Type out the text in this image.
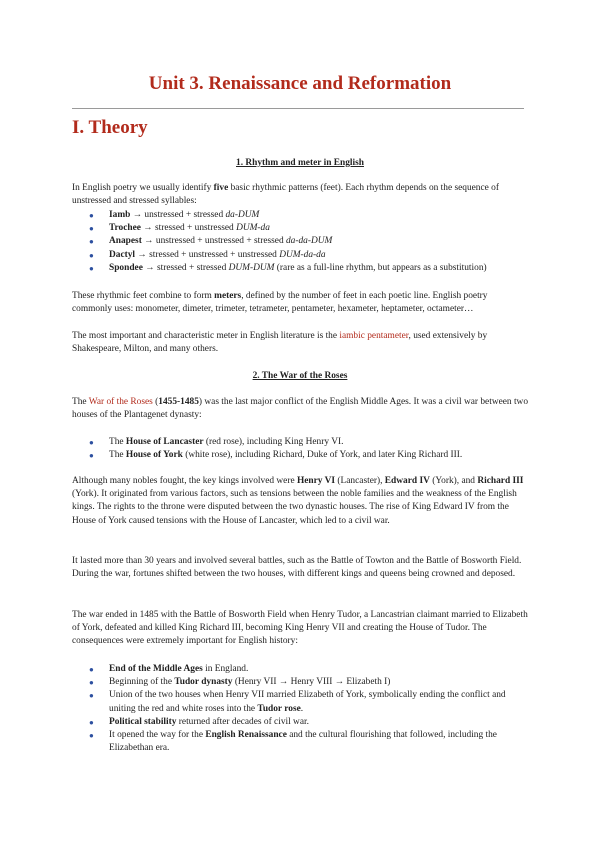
Unit 3. Renaissance and Reformation
I. Theory

1. Rhythm and meter in English

In English poetry we usually identify five basic rhythmic patterns (feet). Each rhythm depends on the sequence of unstressed and stressed syllables:

● Iamb → unstressed + stressed da-DUM
● Trochee → stressed + unstressed DUM-da
● Anapest → unstressed + unstressed + stressed da-da-DUM
● Dactyl → stressed + unstressed + unstressed DUM-da-da
● Spondee → stressed + stressed DUM-DUM (rare as a full-line rhythm, but appears as a substitution)

These rhythmic feet combine to form meters, defined by the number of feet in each poetic line. English poetry commonly uses: monometer, dimeter, trimeter, tetrameter, pentameter, hexameter, heptameter, octameter…

The most important and characteristic meter in English literature is the iambic pentameter, used extensively by Shakespeare, Milton, and many others.

2. The War of the Roses

The War of the Roses (1455-1485) was the last major conflict of the English Middle Ages. It was a civil war between two houses of the Plantagenet dynasty:

● The House of Lancaster (red rose), including King Henry VI.
● The House of York (white rose), including Richard, Duke of York, and later King Richard III.

Although many nobles fought, the key kings involved were Henry VI (Lancaster), Edward IV (York), and Richard III (York). It originated from various factors, such as tensions between the noble families and the weakness of the English kings. The rights to the throne were disputed between the two dynastic houses. The rise of King Edward IV from the House of York caused tensions with the House of Lancaster, which led to a civil war.

It lasted more than 30 years and involved several battles, such as the Battle of Towton and the Battle of Bosworth Field. During the war, fortunes shifted between the two houses, with different kings and queens being crowned and deposed.

The war ended in 1485 with the Battle of Bosworth Field when Henry Tudor, a Lancastrian claimant married to Elizabeth of York, defeated and killed King Richard III, becoming King Henry VII and creating the House of Tudor. The consequences were extremely important for English history:

● End of the Middle Ages in England.
● Beginning of the Tudor dynasty (Henry VII → Henry VIII → Elizabeth I)
● Union of the two houses when Henry VII married Elizabeth of York, symbolically ending the conflict and uniting the red and white roses into the Tudor rose.
● Political stability returned after decades of civil war.
● It opened the way for the English Renaissance and the cultural flourishing that followed, including the Elizabethan era.
